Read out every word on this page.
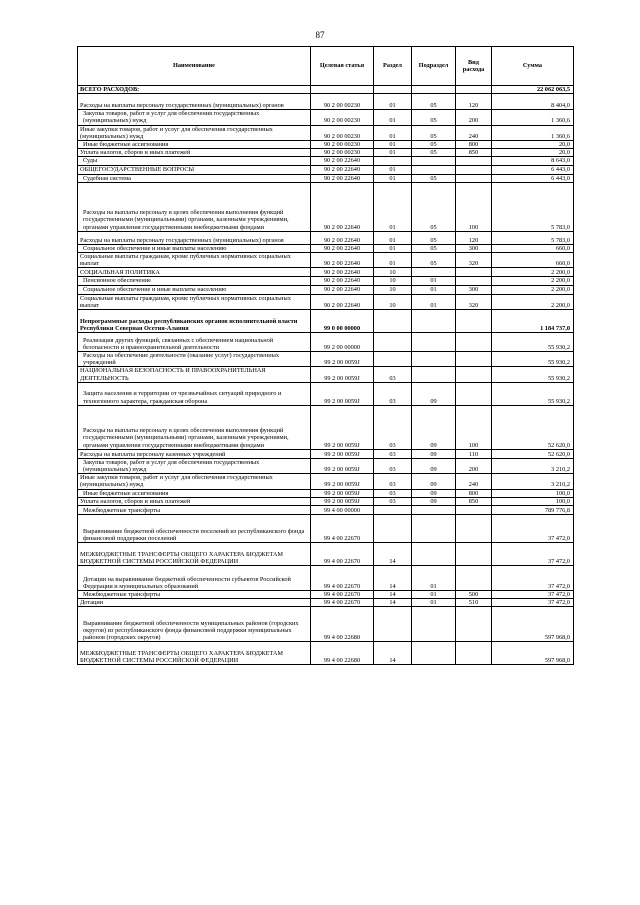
87
Наименование	Целевая статья	Раздел	Подраздел	Вид расхода	Сумма
ВСЕГО РАСХОДОВ:					22 062 063,5
Расходы на выплаты персоналу государственных (муниципальных) органов	90 2 00 00230	01	05	120	8 404,0
Закупка товаров, работ и услуг для обеспечения государственных (муниципальных) нужд	90 2 00 00230	01	05	200	1 360,6
Иные закупки товаров, работ и услуг для обеспечения государственных (муниципальных) нужд	90 2 00 00230	01	05	240	1 360,6
Иные бюджетные ассигнования	90 2 00 00230	01	05	800	20,0
Уплата налогов, сборов и иных платежей	90 2 00 00230	01	05	850	20,0
Суды	90 2 00 22640				8 643,0
ОБЩЕГОСУДАРСТВЕННЫЕ ВОПРОСЫ	90 2 00 22640	01			6 443,0
Судебная система	90 2 00 22640	01	05		6 443,0
Расходы на выплаты персоналу в целях обеспечения выполнения функций государственными (муниципальными) органами, казенными учреждениями, органами управления государственными внебюджетными фондами	90 2 00 22640	01	05	100	5 783,0
Расходы на выплаты персоналу государственных (муниципальных) органов	90 2 00 22640	01	05	120	5 783,0
Социальное обеспечение и иные выплаты населению	90 2 00 22640	01	05	300	660,0
Социальные выплаты гражданам, кроме публичных нормативных социальных выплат	90 2 00 22640	01	05	320	660,0
СОЦИАЛЬНАЯ ПОЛИТИКА	90 2 00 22640	10			2 200,0
Пенсионное обеспечение	90 2 00 22640	10	01		2 200,0
Социальное обеспечение и иные выплаты населению	90 2 00 22640	10	01	300	2 200,0
Социальные выплаты гражданам, кроме публичных нормативных социальных выплат	90 2 00 22640	10	01	320	2 200,0
Непрограммные расходы республиканских органов исполнительной власти Республики Северная Осетия-Алания	99 0 00 00000				1 184 737,0
Реализация других функций, связанных с обеспечением национальной безопасности и правоохранительной деятельности	99 2 00 00000				55 930,2
Расходы на обеспечение деятельности (оказание услуг) государственных учреждений	99 2 00 0059J				55 930,2
НАЦИОНАЛЬНАЯ БЕЗОПАСНОСТЬ И ПРАВООХРАНИТЕЛЬНАЯ ДЕЯТЕЛЬНОСТЬ	99 2 00 0059J	03			55 930,2
Защита населения и территории от чрезвычайных ситуаций природного и техногенного характера, гражданская оборона	99 2 00 0059J	03	09		55 930,2
Расходы на выплаты персоналу в целях обеспечения выполнения функций государственными (муниципальными) органами, казенными учреждениями, органами управления государственными внебюджетными фондами	99 2 00 0059J	03	09	100	52 620,0
Расходы на выплаты персоналу казенных учреждений	99 2 00 0059J	03	09	110	52 620,0
Закупка товаров, работ и услуг для обеспечения государственных (муниципальных) нужд	99 2 00 0059J	03	09	200	3 210,2
Иные закупки товаров, работ и услуг для обеспечения государственных (муниципальных) нужд	99 2 00 0059J	03	09	240	3 210,2
Иные бюджетные ассигнования	99 2 00 0059J	03	09	800	100,0
Уплата налогов, сборов и иных платежей	99 2 00 0059J	03	09	850	100,0
Межбюджетные трансферты	99 4 00 00000				789 776,8
Выравнивание бюджетной обеспеченности поселений из республиканского фонда финансовой поддержки поселений	99 4 00 22670				37 472,0
МЕЖБЮДЖЕТНЫЕ ТРАНСФЕРТЫ ОБЩЕГО ХАРАКТЕРА БЮДЖЕТАМ БЮДЖЕТНОЙ СИСТЕМЫ РОССИЙСКОЙ ФЕДЕРАЦИИ	99 4 00 22670	14			37 472,0
Дотации на выравнивание бюджетной обеспеченности субъектов Российской Федерации и муниципальных образований	99 4 00 22670	14	01		37 472,0
Межбюджетные трансферты	99 4 00 22670	14	01	500	37 472,0
Дотации	99 4 00 22670	14	01	510	37 472,0
Выравнивание бюджетной обеспеченности муниципальных районов (городских округов) из республиканского фонда финансовой поддержки муниципальных районов (городских округов)	99 4 00 22680				597 968,0
МЕЖБЮДЖЕТНЫЕ ТРАНСФЕРТЫ ОБЩЕГО ХАРАКТЕРА БЮДЖЕТАМ БЮДЖЕТНОЙ СИСТЕМЫ РОССИЙСКОЙ ФЕДЕРАЦИИ	99 4 00 22680	14			597 968,0
